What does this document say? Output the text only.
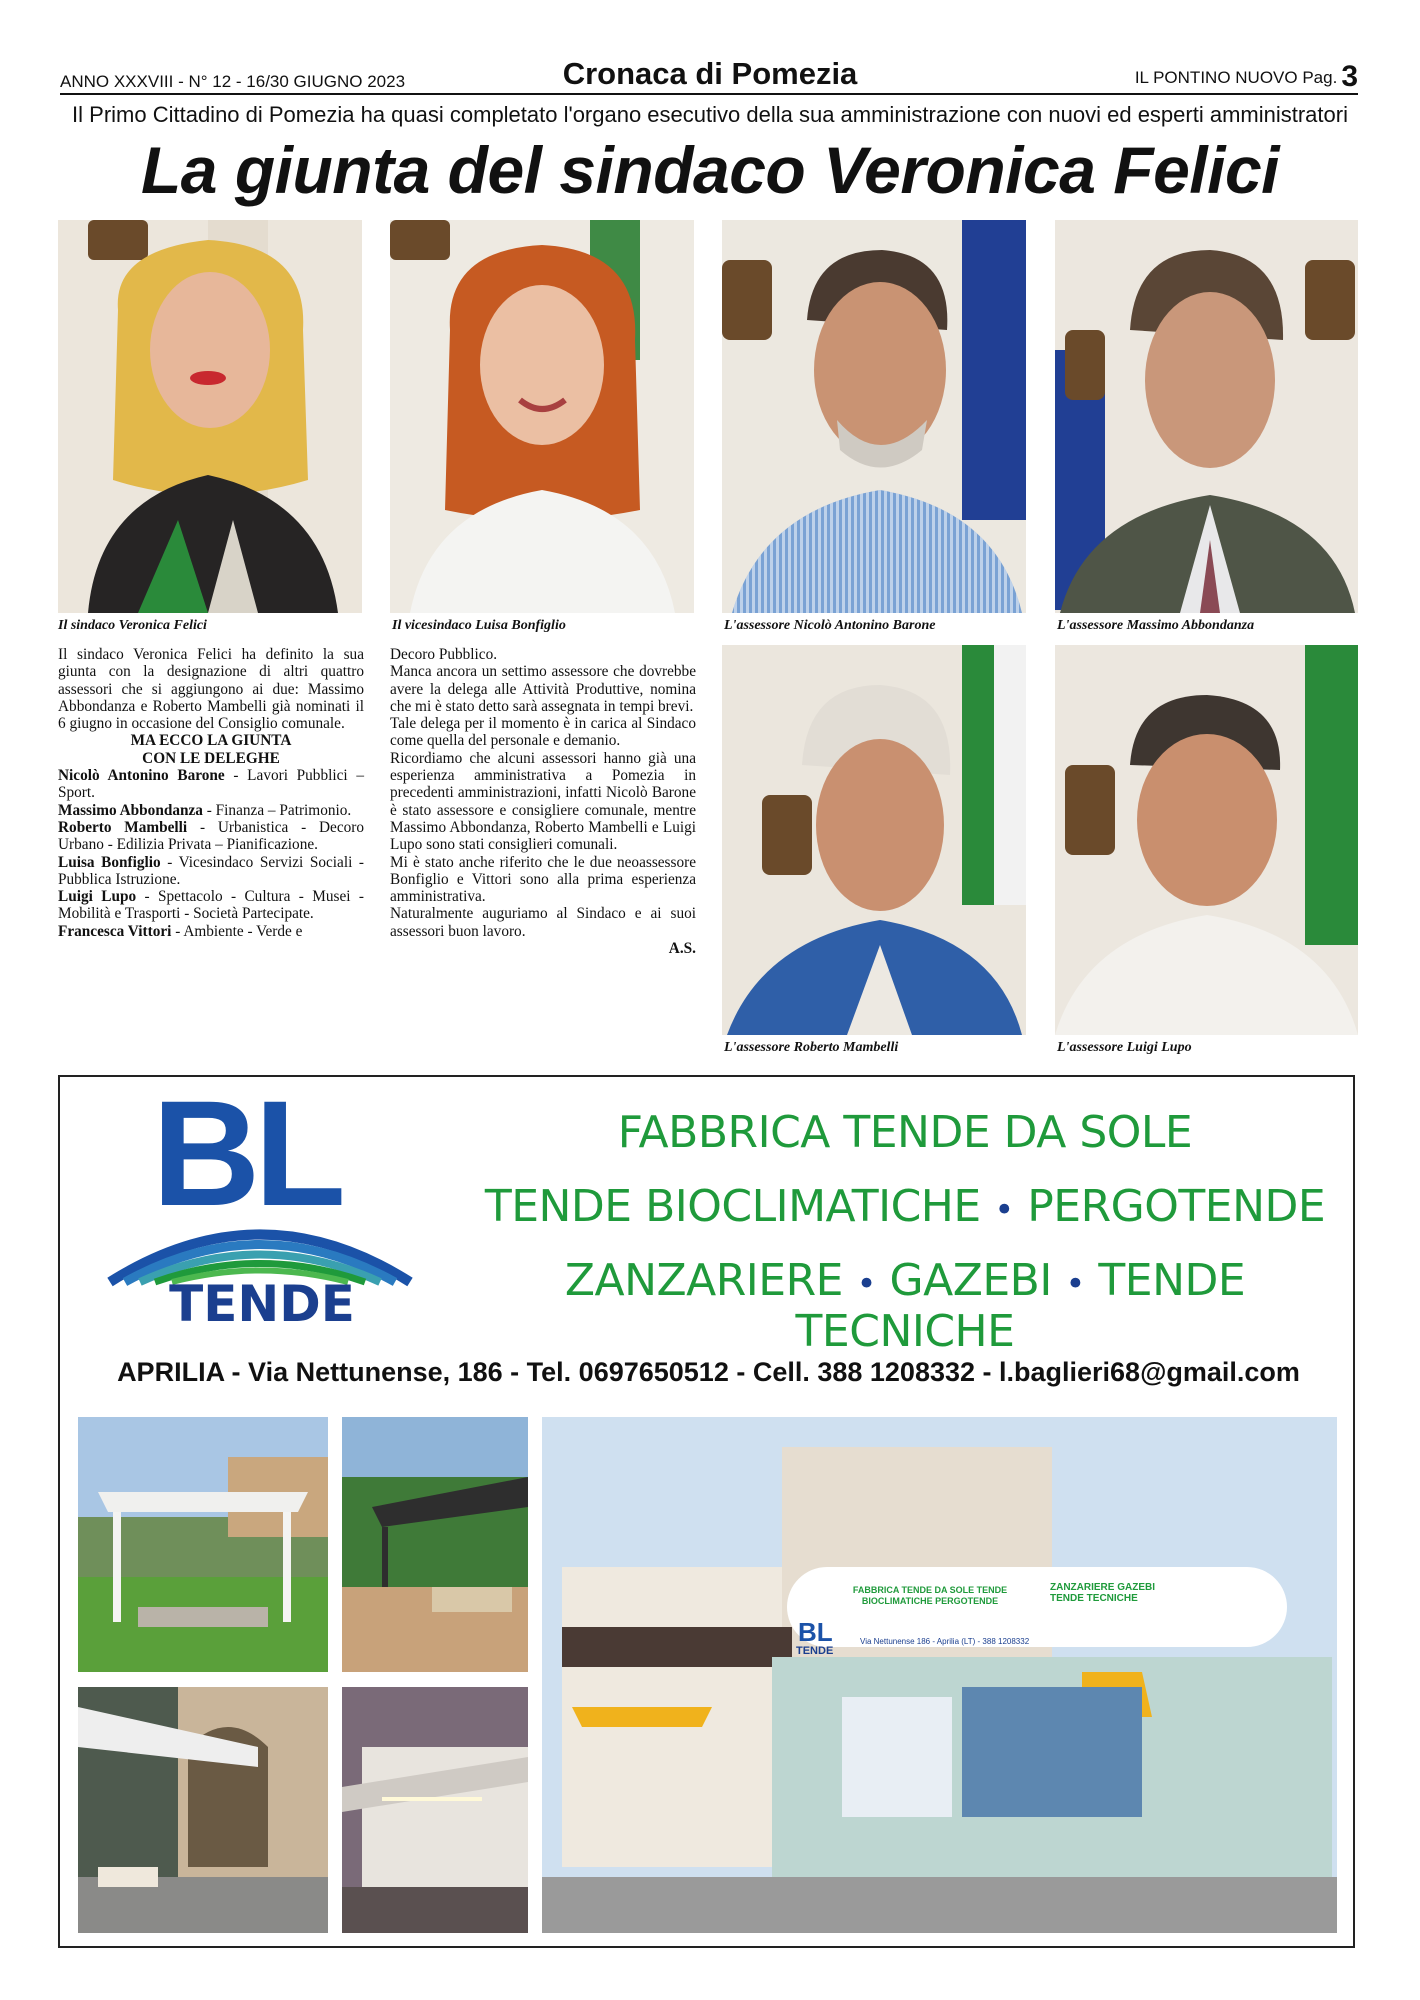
ANNO XXXVIII - N° 12 - 16/30 GIUGNO 2023	Cronaca di Pomezia	IL PONTINO NUOVO Pag. 3
Il Primo Cittadino di Pomezia ha quasi completato l'organo esecutivo della sua amministrazione con nuovi ed esperti amministratori
La giunta del sindaco Veronica Felici
Il sindaco Veronica Felici	Il vicesindaco Luisa Bonfiglio	L'assessore Nicolò Antonino Barone	L'assessore Massimo Abbondanza
L'assessore Roberto Mambelli	L'assessore Luigi Lupo

Il sindaco Veronica Felici ha definito la sua giunta con la designazione di altri quattro assessori che si aggiungono ai due: Massimo Abbondanza e Roberto Mambelli già nominati il 6 giugno in occasione del Consiglio comunale.

MA ECCO LA GIUNTA

CON LE DELEGHE

Nicolò Antonino Barone - Lavori Pubblici – Sport.

Massimo Abbondanza - Finanza – Patrimonio.

Roberto Mambelli - Urbanistica - Decoro Urbano - Edilizia Privata – Pianificazione.

Luisa Bonfiglio - Vicesindaco Servizi Sociali - Pubblica Istruzione.

Luigi Lupo - Spettacolo - Cultura - Musei - Mobilità e Trasporti - Società Partecipate.

Francesca Vittori - Ambiente - Verde e

Decoro Pubblico.

Manca ancora un settimo assessore che dovrebbe avere la delega alle Attività Produttive, nomina che mi è stato detto sarà assegnata in tempi brevi.

Tale delega per il momento è in carica al Sindaco come quella del personale e demanio.

Ricordiamo che alcuni assessori hanno già una esperienza amministrativa a Pomezia in precedenti amministrazioni, infatti Nicolò Barone è stato assessore e consigliere comunale, mentre Massimo Abbondanza, Roberto Mambelli e Luigi Lupo sono stati consiglieri comunali.

Mi è stato anche riferito che le due neoassessore Bonfiglio e Vittori sono alla prima esperienza amministrativa.

Naturalmente auguriamo al Sindaco e ai suoi assessori buon lavoro.

A.S.

BL
TENDE
FABBRICA TENDE DA SOLE
TENDE BIOCLIMATICHE • PERGOTENDE
ZANZARIERE • GAZEBI • TENDE TECNICHE
APRILIA - Via Nettunense, 186 - Tel. 0697650512 - Cell. 388 1208332 - l.baglieri68@gmail.com
FABBRICA TENDE DA SOLE TENDE BIOCLIMATICHE PERGOTENDE
ZANZARIERE GAZEBI TENDE TECNICHE
BL
TENDE
Via Nettunense 186 - Aprilia (LT) - 388 1208332
